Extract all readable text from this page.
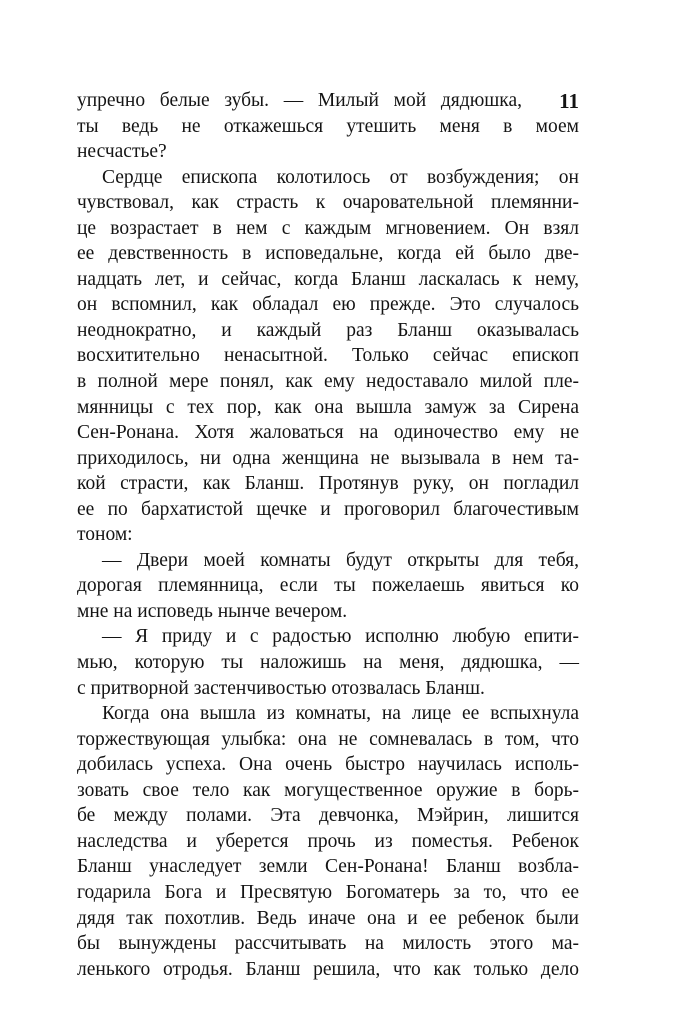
11
упречно белые зубы. — Милый мой дядюшка,
ты ведь не откажешься утешить меня в моем
несчастье?
Сердце епископа колотилось от возбуждения; он
чувствовал, как страсть к очаровательной племянни-
це возрастает в нем с каждым мгновением. Он взял
ее девственность в исповедальне, когда ей было две-
надцать лет, и сейчас, когда Бланш ласкалась к нему,
он вспомнил, как обладал ею прежде. Это случалось
неоднократно, и каждый раз Бланш оказывалась
восхитительно ненасытной. Только сейчас епископ
в полной мере понял, как ему недоставало милой пле-
мянницы с тех пор, как она вышла замуж за Сирена
Сен-Ронана. Хотя жаловаться на одиночество ему не
приходилось, ни одна женщина не вызывала в нем та-
кой страсти, как Бланш. Протянув руку, он погладил
ее по бархатистой щечке и проговорил благочестивым
тоном:
— Двери моей комнаты будут открыты для тебя,
дорогая племянница, если ты пожелаешь явиться ко
мне на исповедь нынче вечером.
— Я приду и с радостью исполню любую епити-
мью, которую ты наложишь на меня, дядюшка, —
с притворной застенчивостью отозвалась Бланш.
Когда она вышла из комнаты, на лице ее вспыхнула
торжествующая улыбка: она не сомневалась в том, что
добилась успеха. Она очень быстро научилась исполь-
зовать свое тело как могущественное оружие в борь-
бе между полами. Эта девчонка, Мэйрин, лишится
наследства и уберется прочь из поместья. Ребенок
Бланш унаследует земли Сен-Ронана! Бланш возбла-
годарила Бога и Пресвятую Богоматерь за то, что ее
дядя так похотлив. Ведь иначе она и ее ребенок были
бы вынуждены рассчитывать на милость этого ма-
ленького отродья. Бланш решила, что как только дело
